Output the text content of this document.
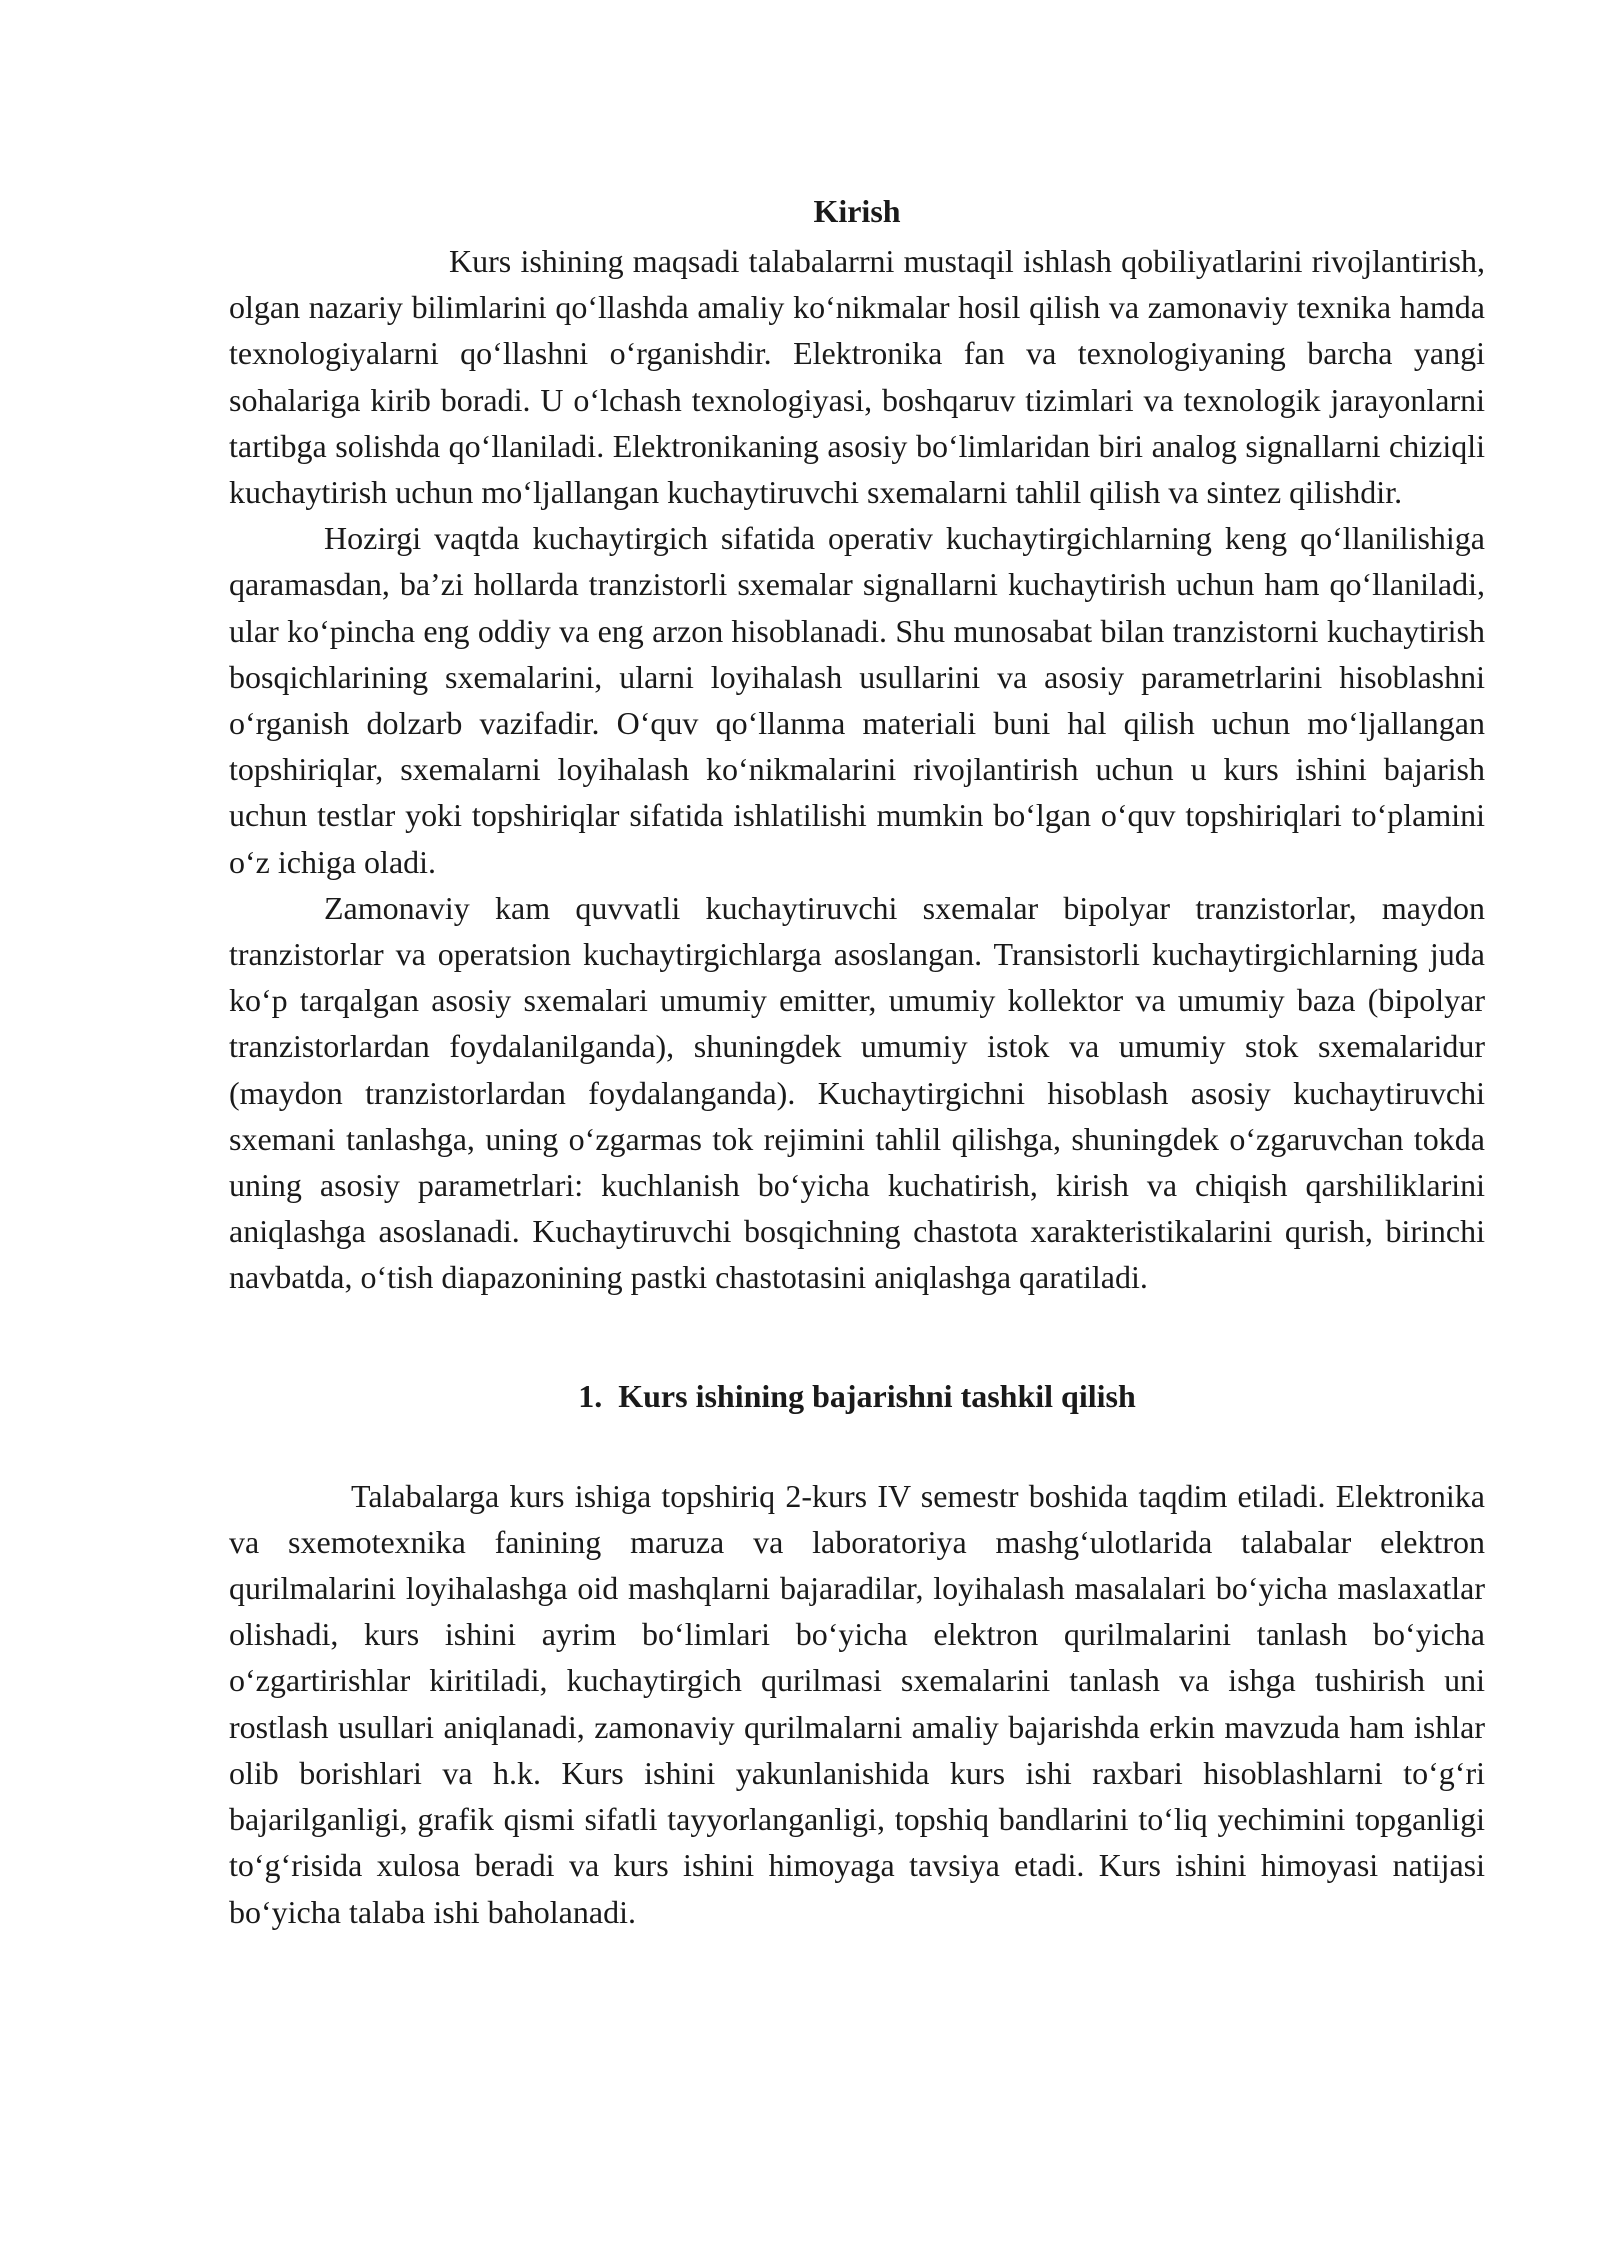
Kirish

Kurs ishining maqsadi talabalarrni mustaqil ishlash qobiliyatlarini rivojlantirish, olgan nazariy bilimlarini qo‘llashda amaliy ko‘nikmalar hosil qilish va zamonaviy texnika hamda texnologiyalarni qo‘llashni o‘rganishdir. Elektronika fan va texnologiyaning barcha yangi sohalariga kirib boradi. U o‘lchash texnologiyasi, boshqaruv tizimlari va texnologik jarayonlarni tartibga solishda qo‘llaniladi. Elektronikaning asosiy bo‘limlaridan biri analog signallarni chiziqli kuchaytirish uchun mo‘ljallangan kuchaytiruvchi sxemalarni tahlil qilish va sintez qilishdir.

Hozirgi vaqtda kuchaytirgich sifatida operativ kuchaytirgichlarning keng qo‘llanilishiga qaramasdan, ba’zi hollarda tranzistorli sxemalar signallarni kuchaytirish uchun ham qo‘llaniladi, ular ko‘pincha eng oddiy va eng arzon hisoblanadi. Shu munosabat bilan tranzistorni kuchaytirish bosqichlarining sxemalarini, ularni loyihalash usullarini va asosiy parametrlarini hisoblashni o‘rganish dolzarb vazifadir. O‘quv qo‘llanma materiali buni hal qilish uchun mo‘ljallangan topshiriqlar, sxemalarni loyihalash ko‘nikmalarini rivojlantirish uchun u kurs ishini bajarish uchun testlar yoki topshiriqlar sifatida ishlatilishi mumkin bo‘lgan o‘quv topshiriqlari to‘plamini o‘z ichiga oladi.

Zamonaviy kam quvvatli kuchaytiruvchi sxemalar bipolyar tranzistorlar, maydon tranzistorlar va operatsion kuchaytirgichlarga asoslangan. Transistorli kuchaytirgichlarning juda ko‘p tarqalgan asosiy sxemalari umumiy emitter, umumiy kollektor va umumiy baza (bipolyar tranzistorlardan foydalanilganda), shuningdek umumiy istok va umumiy stok sxemalaridur (maydon tranzistorlardan foydalanganda). Kuchaytirgichni hisoblash asosiy kuchaytiruvchi sxemani tanlashga, uning o‘zgarmas tok rejimini tahlil qilishga, shuningdek o‘zgaruvchan tokda uning asosiy parametrlari: kuchlanish bo‘yicha kuchatirish, kirish va chiqish qarshiliklarini aniqlashga asoslanadi. Kuchaytiruvchi bosqichning chastota xarakteristikalarini qurish, birinchi navbatda, o‘tish diapazonining pastki chastotasini aniqlashga qaratiladi.

1. Kurs ishining bajarishni tashkil qilish

Talabalarga kurs ishiga topshiriq 2-kurs IV semestr boshida taqdim etiladi. Elektronika va sxemotexnika fanining maruza va laboratoriya mashg‘ulotlarida talabalar elektron qurilmalarini loyihalashga oid mashqlarni bajaradilar, loyihalash masalalari bo‘yicha maslaxatlar olishadi, kurs ishini ayrim bo‘limlari bo‘yicha elektron qurilmalarini tanlash bo‘yicha o‘zgartirishlar kiritiladi, kuchaytirgich qurilmasi sxemalarini tanlash va ishga tushirish uni rostlash usullari aniqlanadi, zamonaviy qurilmalarni amaliy bajarishda erkin mavzuda ham ishlar olib borishlari va h.k. Kurs ishini yakunlanishida kurs ishi raxbari hisoblashlarni to‘g‘ri bajarilganligi, grafik qismi sifatli tayyorlanganligi, topshiq bandlarini to‘liq yechimini topganligi to‘g‘risida xulosa beradi va kurs ishini himoyaga tavsiya etadi. Kurs ishini himoyasi natijasi bo‘yicha talaba ishi baholanadi.
